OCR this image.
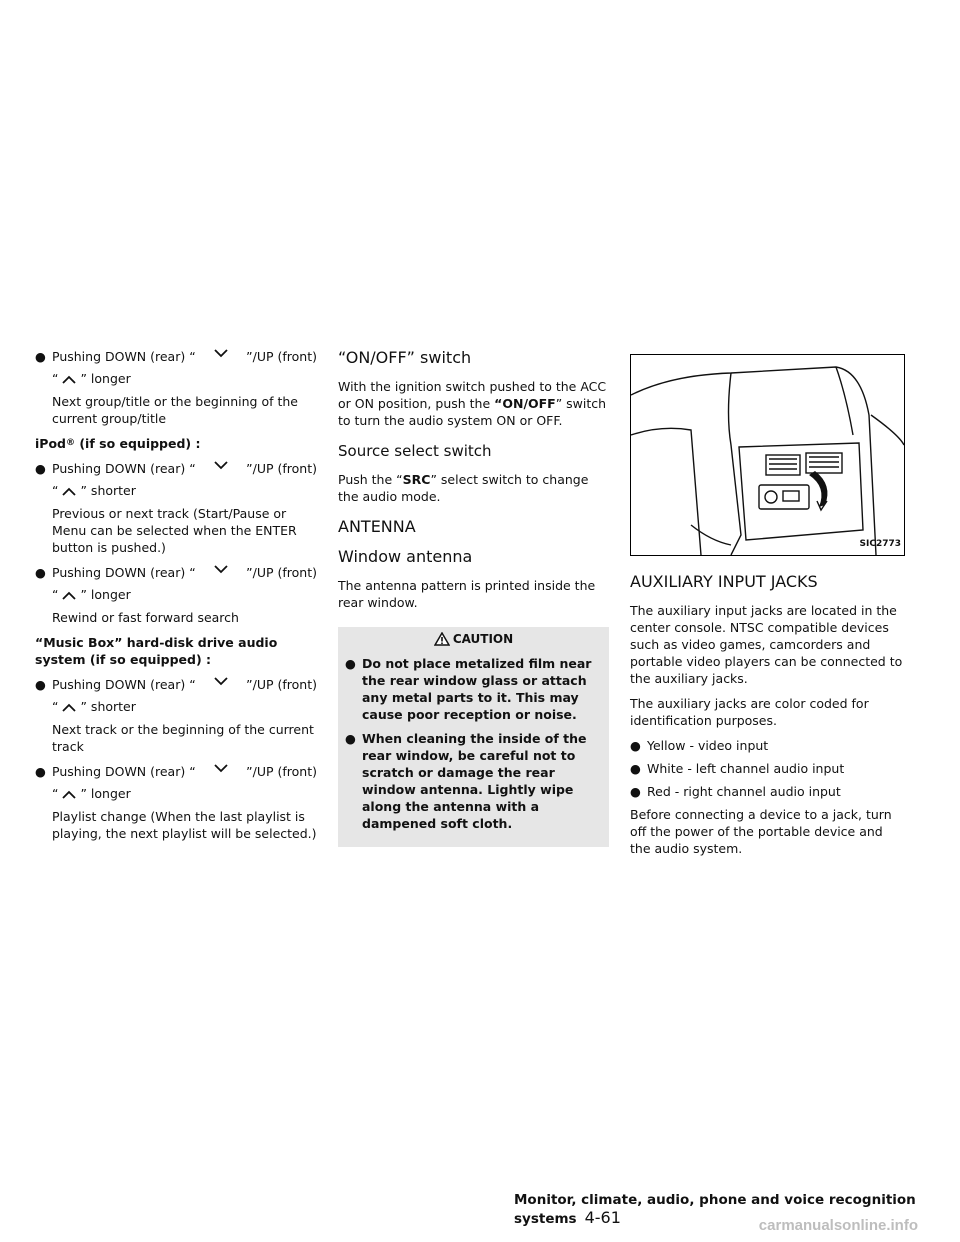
● Pushing DOWN (rear) “	”/UP (front)
“ ” longer

Next group/title or the beginning of the current group/title

iPod® (if so equipped) :

● Pushing DOWN (rear) “	”/UP (front)
“ ” shorter

Previous or next track (Start/Pause or Menu can be selected when the ENTER button is pushed.)

● Pushing DOWN (rear) “	”/UP (front)
“ ” longer

Rewind or fast forward search

“Music Box” hard-disk drive audio system (if so equipped) :

● Pushing DOWN (rear) “	”/UP (front)
“ ” shorter

Next track or the beginning of the current track

● Pushing DOWN (rear) “	”/UP (front)
“ ” longer

Playlist change (When the last playlist is playing, the next playlist will be selected.)

“ON/OFF” switch

With the ignition switch pushed to the ACC or ON position, push the “ON/OFF” switch to turn the audio system ON or OFF.

Source select switch

Push the “SRC” select switch to change the audio mode.

ANTENNA
Window antenna

The antenna pattern is printed inside the rear window.

CAUTION
● Do not place metalized film near the rear window glass or attach any metal parts to it. This may cause poor reception or noise.
● When cleaning the inside of the rear window, be careful not to scratch or damage the rear window antenna. Lightly wipe along the antenna with a dampened soft cloth.
SIC2773
AUXILIARY INPUT JACKS

The auxiliary input jacks are located in the center console. NTSC compatible devices such as video games, camcorders and portable video players can be connected to the auxiliary jacks.

The auxiliary jacks are color coded for identification purposes.

● Yellow - video input
● White - left channel audio input
● Red - right channel audio input

Before connecting a device to a jack, turn off the power of the portable device and the audio system.

Monitor, climate, audio, phone and voice recognition systems 4-61	carmanualsonline.info
